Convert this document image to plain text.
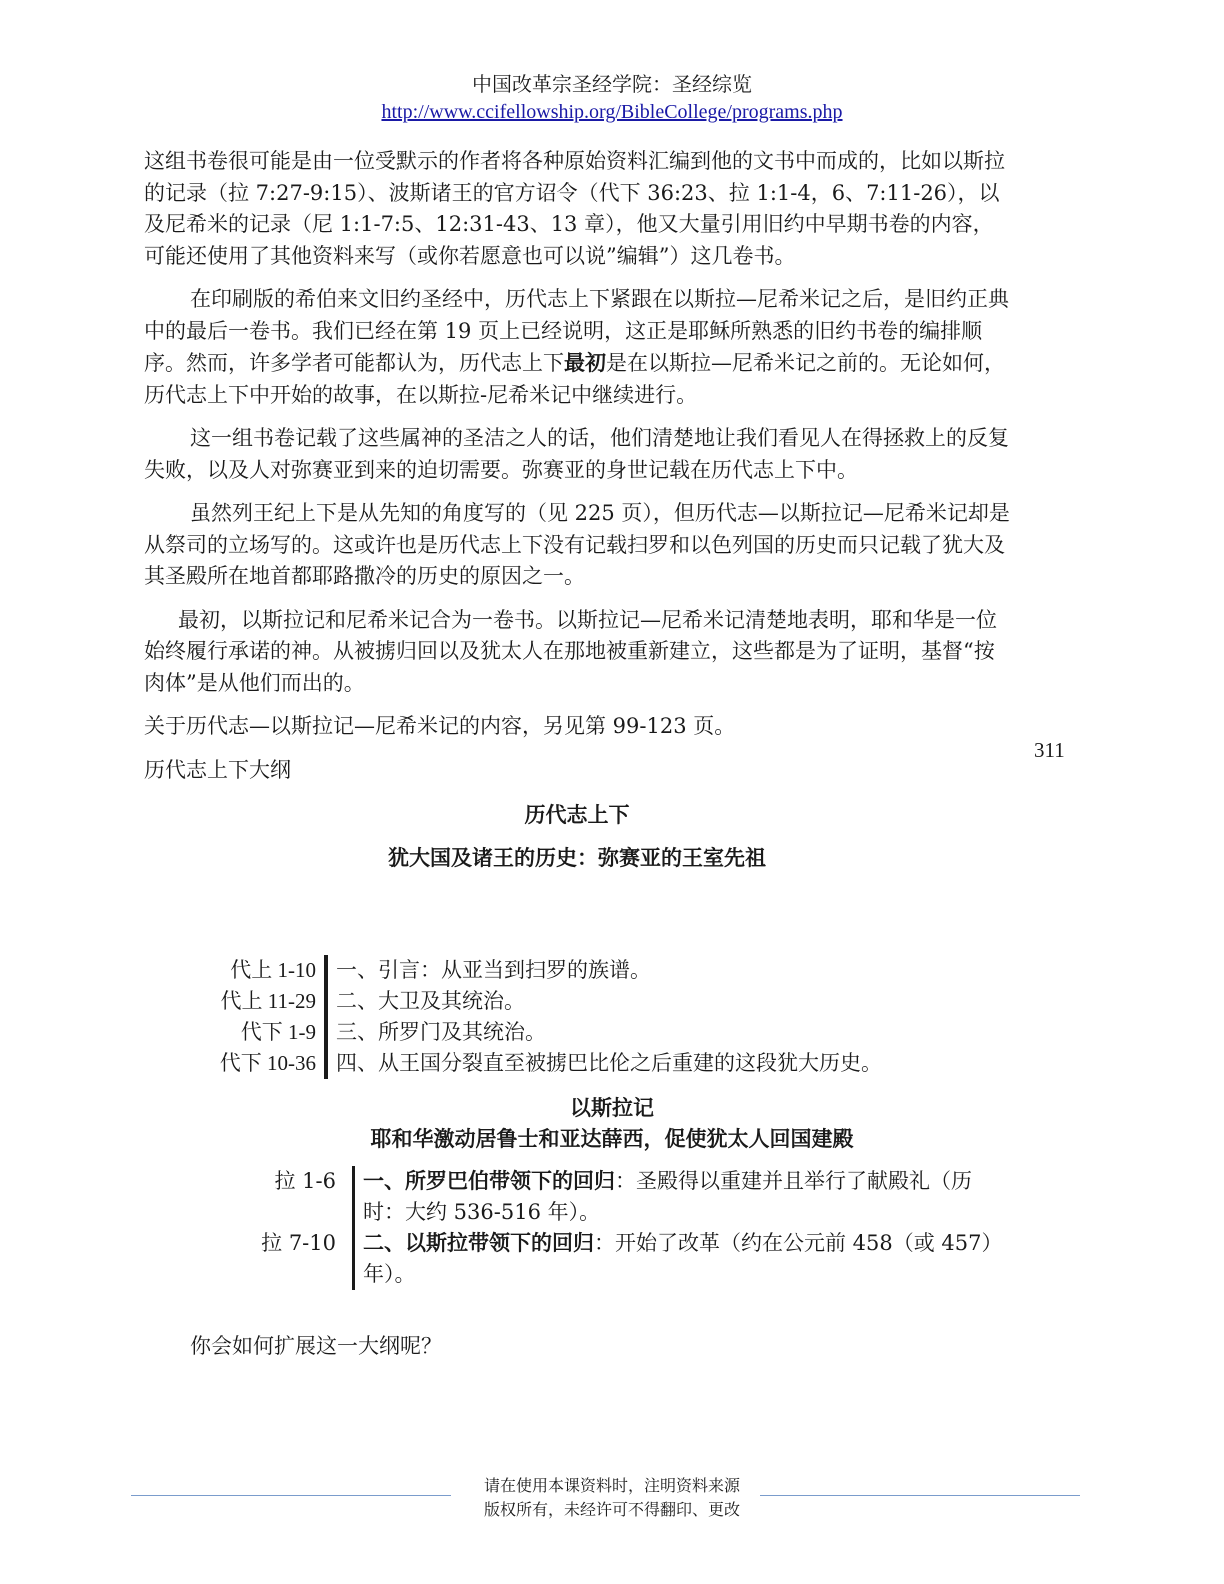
中国改革宗圣经学院：圣经综览
http://www.ccifellowship.org/BibleCollege/programs.php

这组书卷很可能是由一位受默示的作者将各种原始资料汇编到他的文书中而成的，比如以斯拉的记录（拉 7:27-9:15）、波斯诸王的官方诏令（代下 36:23、拉 1:1-4，6、7:11-26），以及尼希米的记录（尼 1:1-7:5、12:31-43、13 章），他又大量引用旧约中早期书卷的内容，可能还使用了其他资料来写（或你若愿意也可以说”编辑”）这几卷书。

在印刷版的希伯来文旧约圣经中，历代志上下紧跟在以斯拉—尼希米记之后，是旧约正典中的最后一卷书。我们已经在第 19 页上已经说明，这正是耶稣所熟悉的旧约书卷的编排顺序。然而，许多学者可能都认为，历代志上下最初是在以斯拉—尼希米记之前的。无论如何，历代志上下中开始的故事，在以斯拉-尼希米记中继续进行。

这一组书卷记载了这些属神的圣洁之人的话，他们清楚地让我们看见人在得拯救上的反复失败，以及人对弥赛亚到来的迫切需要。弥赛亚的身世记载在历代志上下中。

虽然列王纪上下是从先知的角度写的（见 225 页），但历代志—以斯拉记—尼希米记却是从祭司的立场写的。这或许也是历代志上下没有记载扫罗和以色列国的历史而只记载了犹大及其圣殿所在地首都耶路撒冷的历史的原因之一。

最初，以斯拉记和尼希米记合为一卷书。以斯拉记—尼希米记清楚地表明，耶和华是一位始终履行承诺的神。从被掳归回以及犹太人在那地被重新建立，这些都是为了证明，基督“按肉体”是从他们而出的。

关于历代志—以斯拉记—尼希米记的内容，另见第 99-123 页。

历代志上下大纲

历代志上下

犹大国及诸王的历史：弥赛亚的王室先祖

311
代上 1-10 一、引言：从亚当到扫罗的族谱。
代上 11-29 二、大卫及其统治。
代下 1-9 三、所罗门及其统治。
代下 10-36 四、从王国分裂直至被掳巴比伦之后重建的这段犹大历史。

以斯拉记

耶和华激动居鲁士和亚达薛西，促使犹太人回国建殿

拉 1-6	一、所罗巴伯带领下的回归：圣殿得以重建并且举行了献殿礼（历时：大约 536-516 年）。
拉 7-10	二、以斯拉带领下的回归：开始了改革（约在公元前 458（或 457）年）。
你会如何扩展这一大纲呢？
请在使用本课资料时，注明资料来源
版权所有，未经许可不得翻印、更改
